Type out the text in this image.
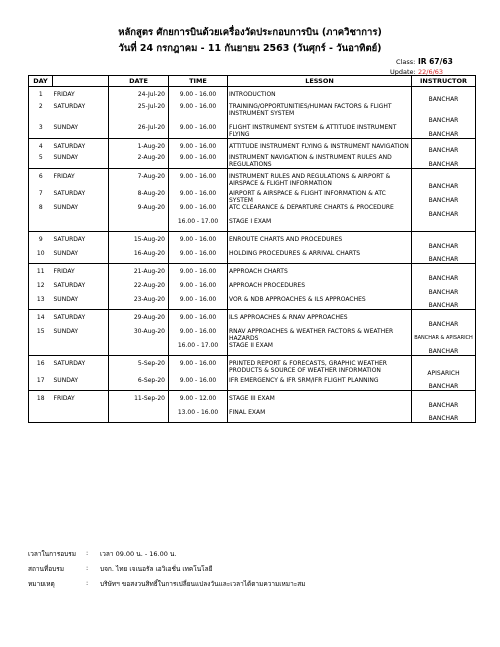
หลักสูตร ศักยการบินด้วยเครื่องวัดประกอบการบิน (ภาควิชาการ)
วันที่ 24 กรกฎาคม - 11 กันยายน 2563 (วันศุกร์ - วันอาทิตย์)
Class: IR 67/63
Update: 22/6/63
DAY		DATE	TIME	LESSON	INSTRUCTOR
1	FRIDAY	24-Jul-20	9.00 - 16.00	INTRODUCTION	BANCHAR
2	SATURDAY	25-Jul-20	9.00 - 16.00	TRAINING/OPPORTUNITIES/HUMAN FACTORS & FLIGHT INSTRUMENT SYSTEM	BANCHAR
3	SUNDAY	26-Jul-20	9.00 - 16.00	FLIGHT INSTRUMENT SYSTEM & ATTITUDE INSTRUMENT FLYING	BANCHAR
4	SATURDAY	1-Aug-20	9.00 - 16.00	ATTITUDE INSTRUMENT FLYING & INSTRUMENT NAVIGATION	BANCHAR
5	SUNDAY	2-Aug-20	9.00 - 16.00	INSTRUMENT NAVIGATION & INSTRUMENT RULES AND REGULATIONS	BANCHAR
6	FRIDAY	7-Aug-20	9.00 - 16.00	INSTRUMENT RULES AND REGULATIONS & AIRPORT & AIRSPACE & FLIGHT INFORMATION	BANCHAR
7	SATURDAY	8-Aug-20	9.00 - 16.00	AIRPORT & AIRSPACE & FLIGHT INFORMATION & ATC SYSTEM	BANCHAR
8	SUNDAY	9-Aug-20	9.00 - 16.00	ATC CLEARANCE & DEPARTURE CHARTS & PROCEDURE	BANCHAR
			16.00 - 17.00	STAGE I EXAM	
9	SATURDAY	15-Aug-20	9.00 - 16.00	ENROUTE CHARTS AND PROCEDURES	BANCHAR
10	SUNDAY	16-Aug-20	9.00 - 16.00	HOLDING PROCEDURES & ARRIVAL CHARTS	BANCHAR
11	FRIDAY	21-Aug-20	9.00 - 16.00	APPROACH CHARTS	BANCHAR
12	SATURDAY	22-Aug-20	9.00 - 16.00	APPROACH PROCEDURES	BANCHAR
13	SUNDAY	23-Aug-20	9.00 - 16.00	VOR & NDB APPROACHES & ILS APPROACHES	BANCHAR
14	SATURDAY	29-Aug-20	9.00 - 16.00	ILS APPROACHES & RNAV APPROACHES	BANCHAR
15	SUNDAY	30-Aug-20	9.00 - 16.00	RNAV APPROACHES & WEATHER FACTORS & WEATHER HAZARDS	BANCHAR & APISARICH
			16.00 - 17.00	STAGE II EXAM	BANCHAR
16	SATURDAY	5-Sep-20	9.00 - 16.00	PRINTED REPORT & FORECASTS, GRAPHIC WEATHER PRODUCTS & SOURCE OF WEATHER INFORMATION	APISARICH
17	SUNDAY	6-Sep-20	9.00 - 16.00	IFR EMERGENCY & IFR SRM/IFR FLIGHT PLANNING	BANCHAR
18	FRIDAY	11-Sep-20	9.00 - 12.00	STAGE III EXAM	BANCHAR
			13.00 - 16.00	FINAL EXAM	BANCHAR
เวลาในการอบรม : เวลา 09.00 น. - 16.00 น.
สถานที่อบรม	: บจก. ไทย เจเนอรัล เอวิเอชั่น เทคโนโลยี
หมายเหตุ	: บริษัทฯ ขอสงวนสิทธิ์ในการเปลี่ยนแปลงวันและเวลาได้ตามความเหมาะสม
